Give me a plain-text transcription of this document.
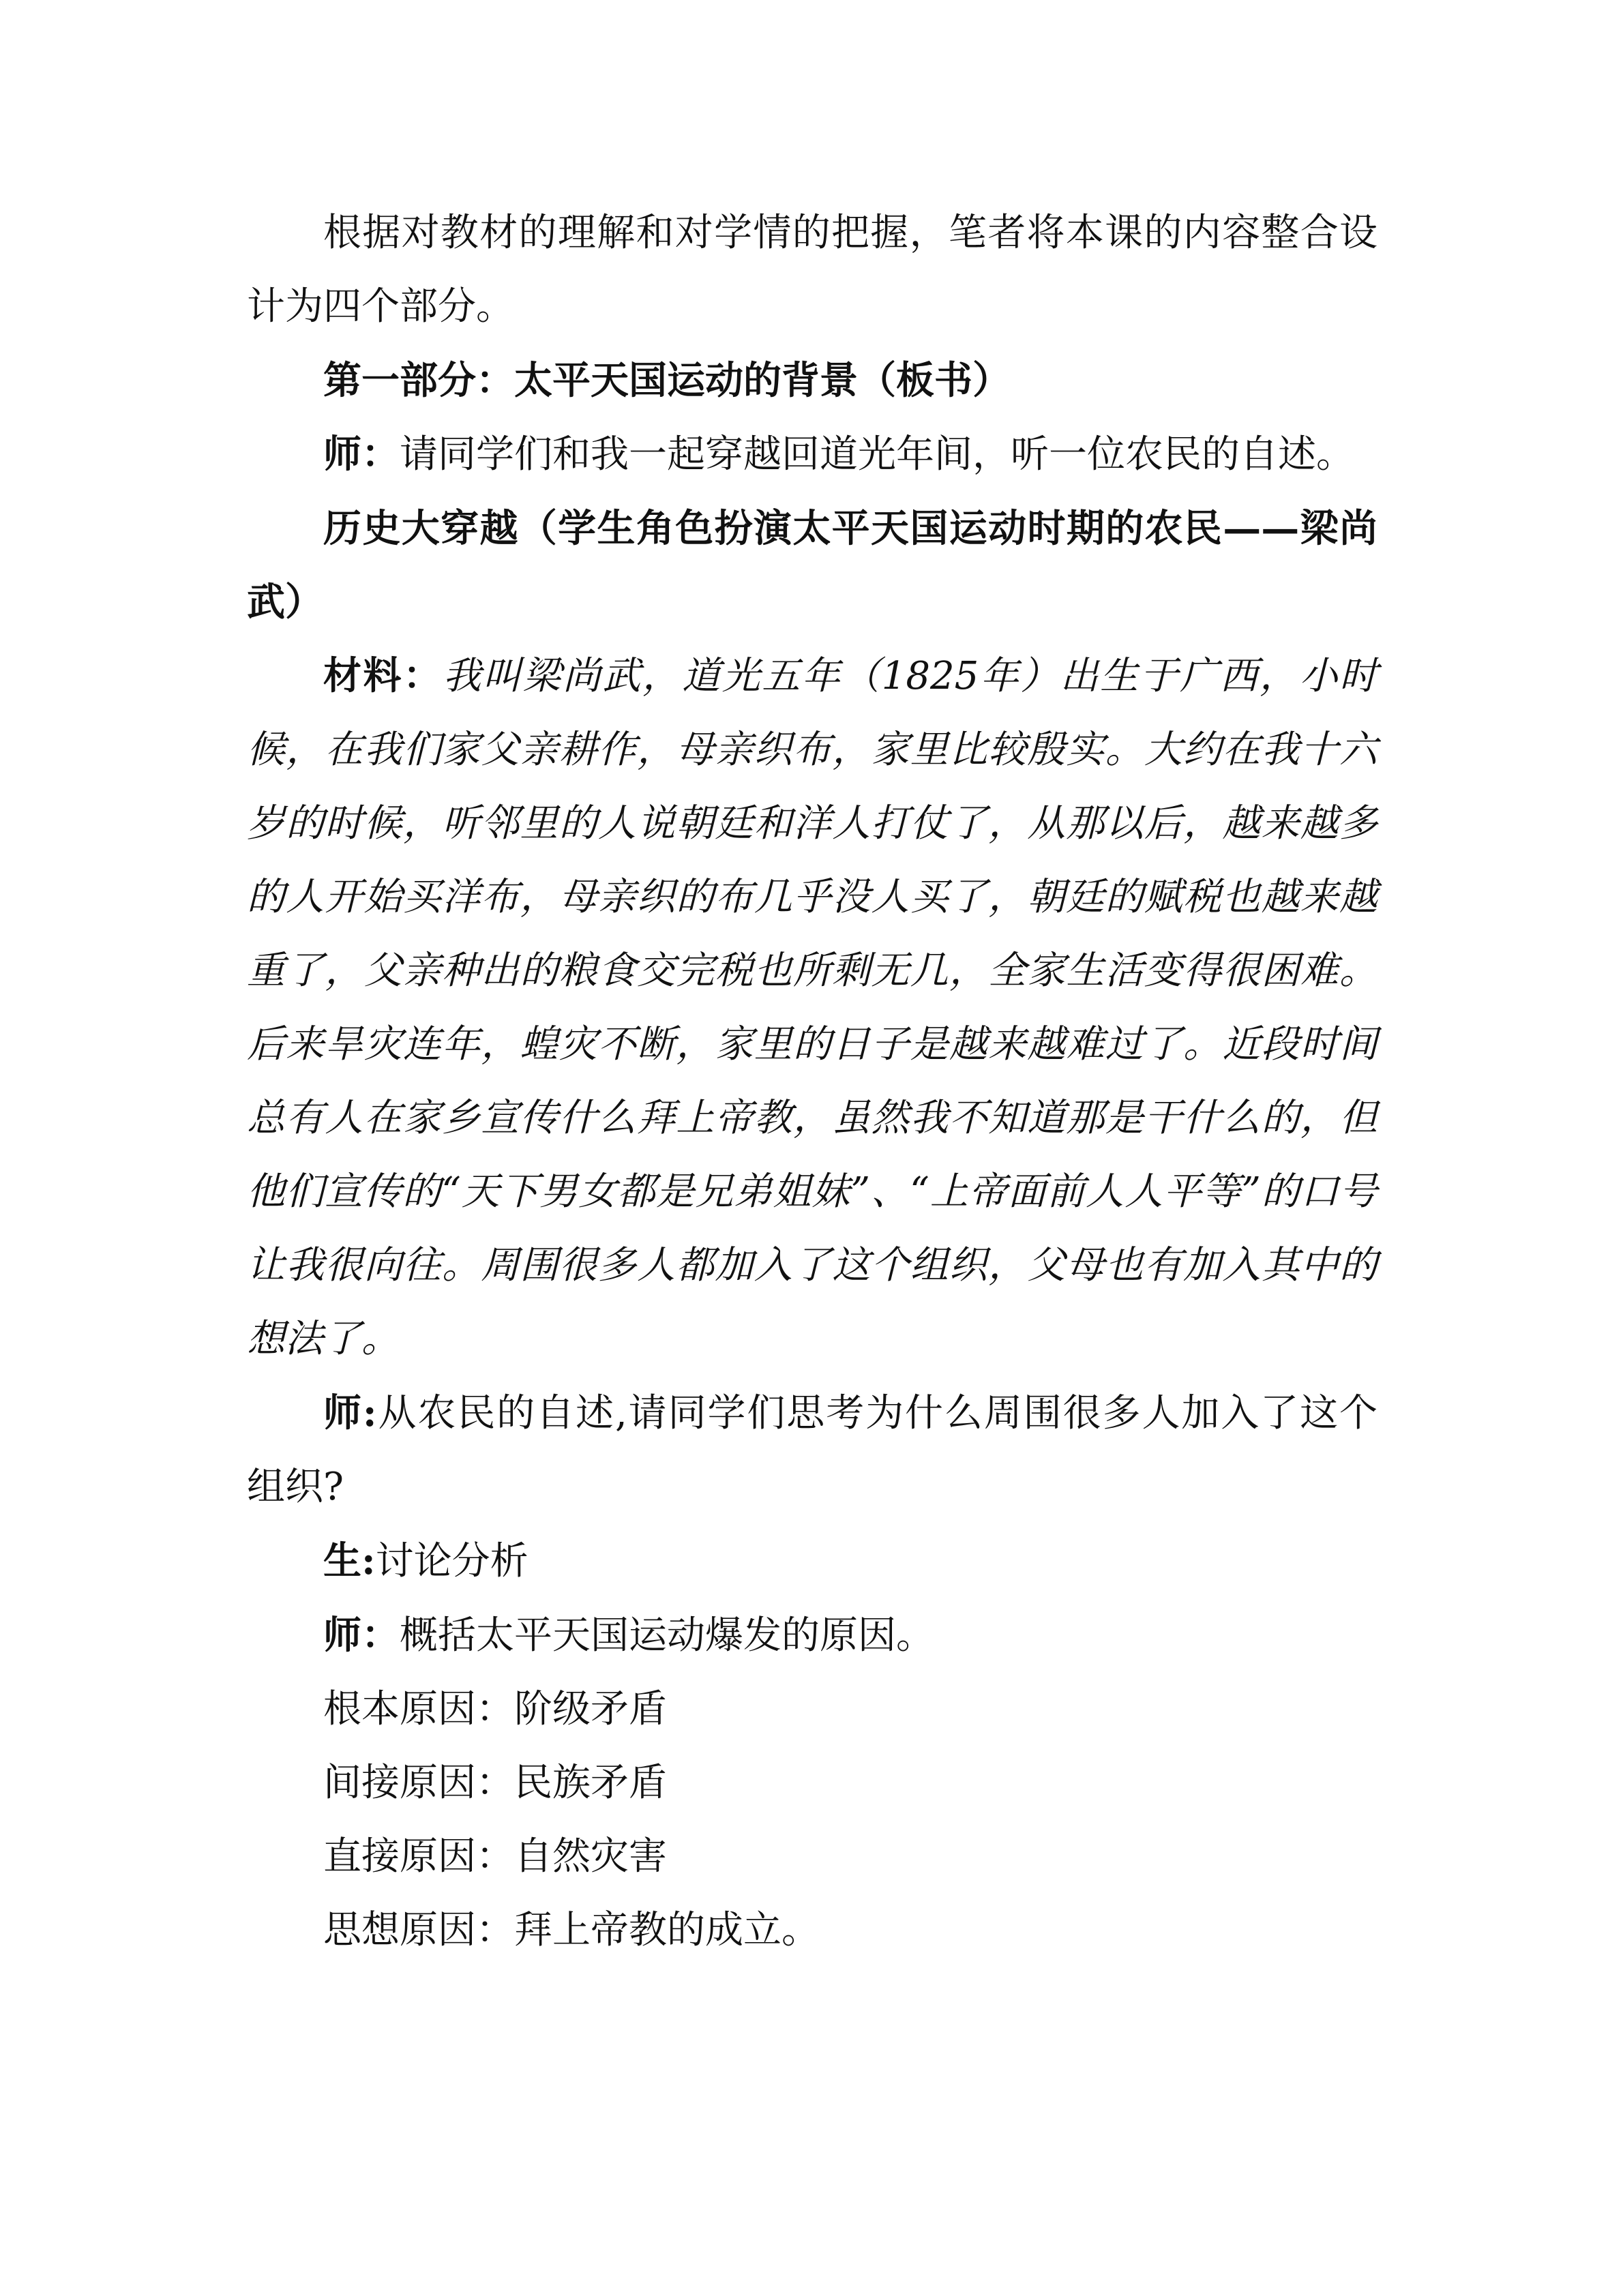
根据对教材的理解和对学情的把握，笔者将本课的内容整合设计为四个部分。

第一部分：太平天国运动的背景（板书）

师：请同学们和我一起穿越回道光年间，听一位农民的自述。

历史大穿越（学生角色扮演太平天国运动时期的农民——梁尚武）

材料：我叫梁尚武，道光五年（1825年）出生于广西，小时候，在我们家父亲耕作，母亲织布，家里比较殷实。大约在我十六岁的时候，听邻里的人说朝廷和洋人打仗了，从那以后，越来越多的人开始买洋布，母亲织的布几乎没人买了，朝廷的赋税也越来越重了，父亲种出的粮食交完税也所剩无几，全家生活变得很困难。后来旱灾连年，蝗灾不断，家里的日子是越来越难过了。近段时间总有人在家乡宣传什么拜上帝教，虽然我不知道那是干什么的，但他们宣传的“天下男女都是兄弟姐妹”、“上帝面前人人平等”的口号让我很向往。周围很多人都加入了这个组织，父母也有加入其中的想法了。

师:从农民的自述,请同学们思考为什么周围很多人加入了这个组织?

生:讨论分析

师：概括太平天国运动爆发的原因。

根本原因：阶级矛盾

间接原因：民族矛盾

直接原因：自然灾害

思想原因：拜上帝教的成立。
